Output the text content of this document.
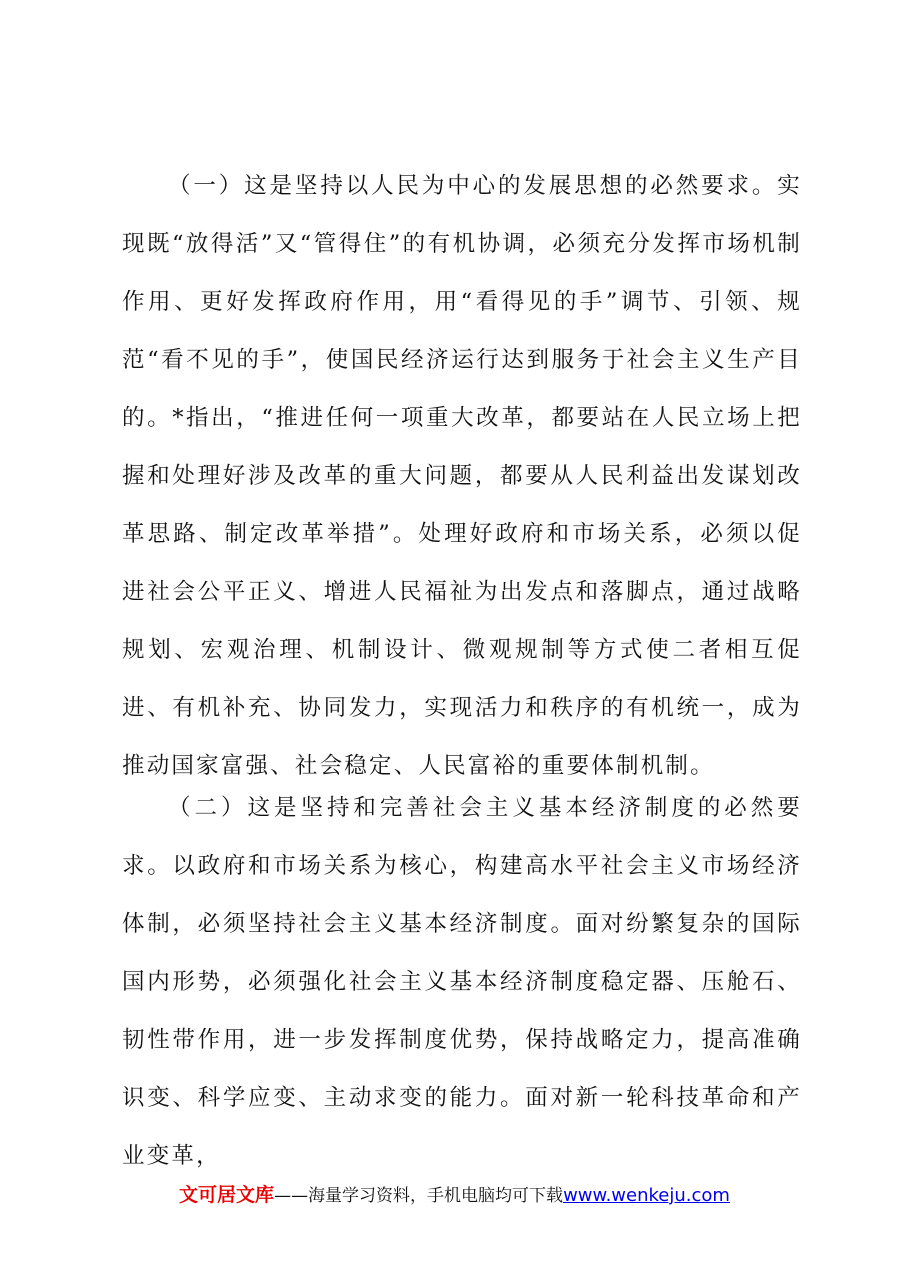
（一）这是坚持以人民为中心的发展思想的必然要求。实现既“放得活”又“管得住”的有机协调，必须充分发挥市场机制作用、更好发挥政府作用，用“看得见的手”调节、引领、规范“看不见的手”，使国民经济运行达到服务于社会主义生产目的。*指出，“推进任何一项重大改革，都要站在人民立场上把握和处理好涉及改革的重大问题，都要从人民利益出发谋划改革思路、制定改革举措”。处理好政府和市场关系，必须以促进社会公平正义、增进人民福祉为出发点和落脚点，通过战略规划、宏观治理、机制设计、微观规制等方式使二者相互促进、有机补充、协同发力，实现活力和秩序的有机统一，成为推动国家富强、社会稳定、人民富裕的重要体制机制。

（二）这是坚持和完善社会主义基本经济制度的必然要求。以政府和市场关系为核心，构建高水平社会主义市场经济体制，必须坚持社会主义基本经济制度。面对纷繁复杂的国际国内形势，必须强化社会主义基本经济制度稳定器、压舱石、韧性带作用，进一步发挥制度优势，保持战略定力，提高准确识变、科学应变、主动求变的能力。面对新一轮科技革命和产业变革，

文可居文库——海量学习资料，手机电脑均可下载www.wenkeju.com
